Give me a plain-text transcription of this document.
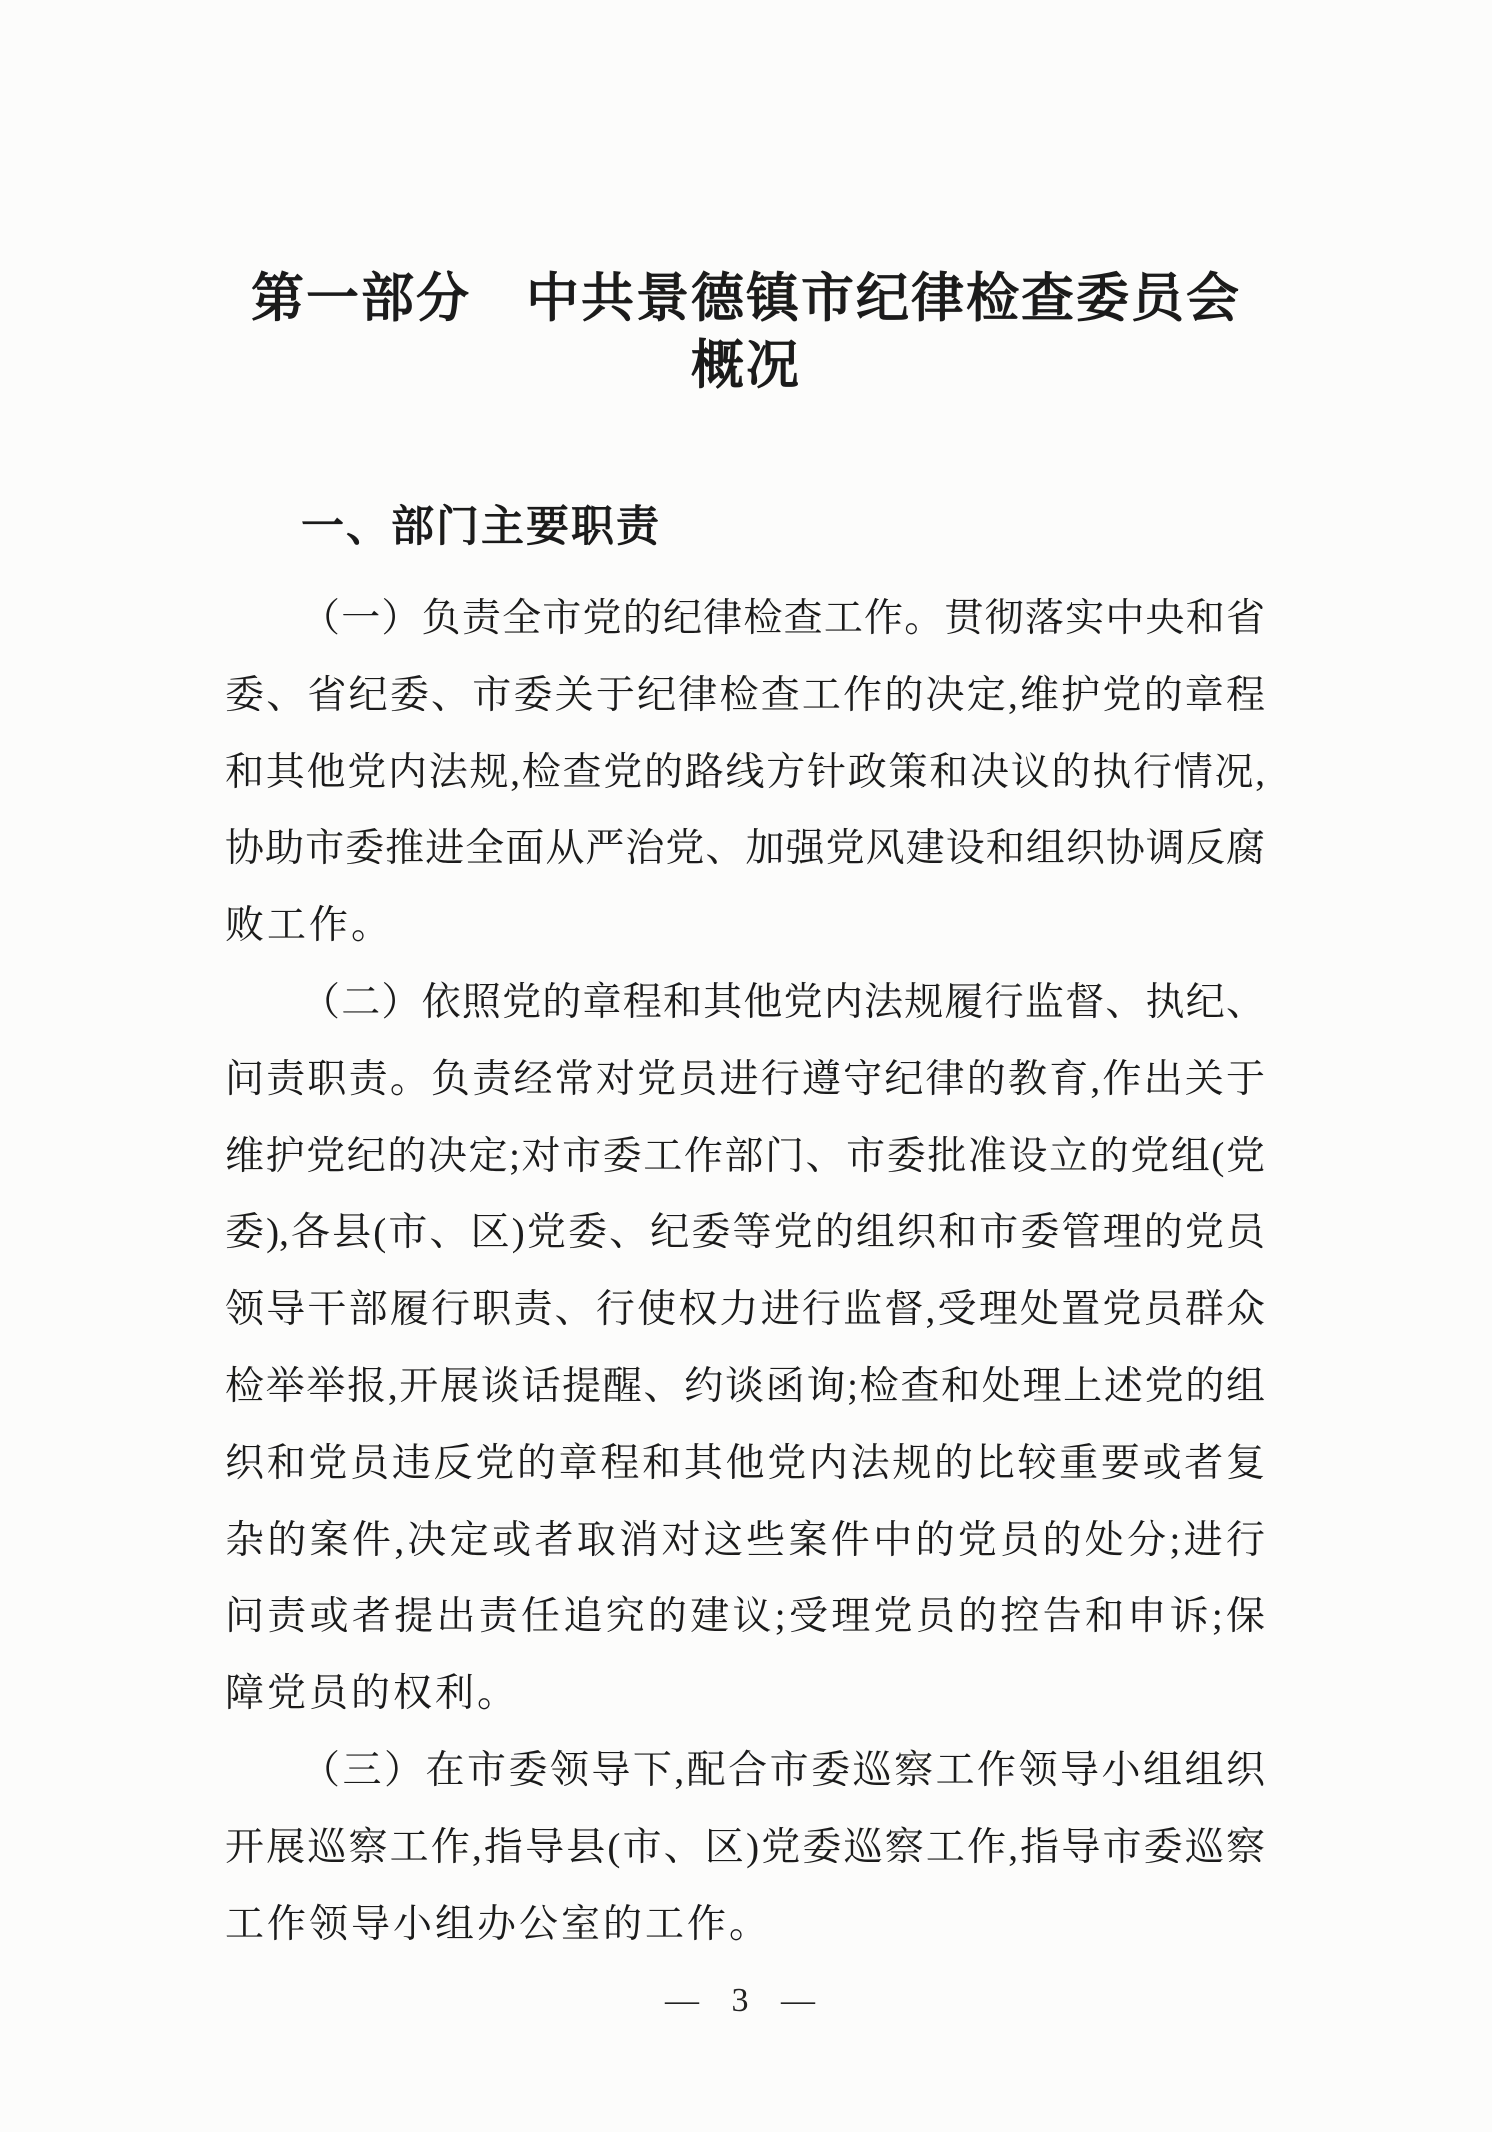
第一部分　中共景德镇市纪律检查委员会
概况
一、部门主要职责
（一）负责全市党的纪律检查工作。贯彻落实中央和省
委、省纪委、市委关于纪律检查工作的决定,维护党的章程
和其他党内法规,检查党的路线方针政策和决议的执行情况,
协助市委推进全面从严治党、加强党风建设和组织协调反腐
败工作。
（二）依照党的章程和其他党内法规履行监督、执纪、
问责职责。负责经常对党员进行遵守纪律的教育,作出关于
维护党纪的决定;对市委工作部门、市委批准设立的党组(党
委),各县(市、区)党委、纪委等党的组织和市委管理的党员
领导干部履行职责、行使权力进行监督,受理处置党员群众
检举举报,开展谈话提醒、约谈函询;检查和处理上述党的组
织和党员违反党的章程和其他党内法规的比较重要或者复
杂的案件,决定或者取消对这些案件中的党员的处分;进行
问责或者提出责任追究的建议;受理党员的控告和申诉;保
障党员的权利。
（三）在市委领导下,配合市委巡察工作领导小组组织
开展巡察工作,指导县(市、区)党委巡察工作,指导市委巡察
工作领导小组办公室的工作。
— 3 —
